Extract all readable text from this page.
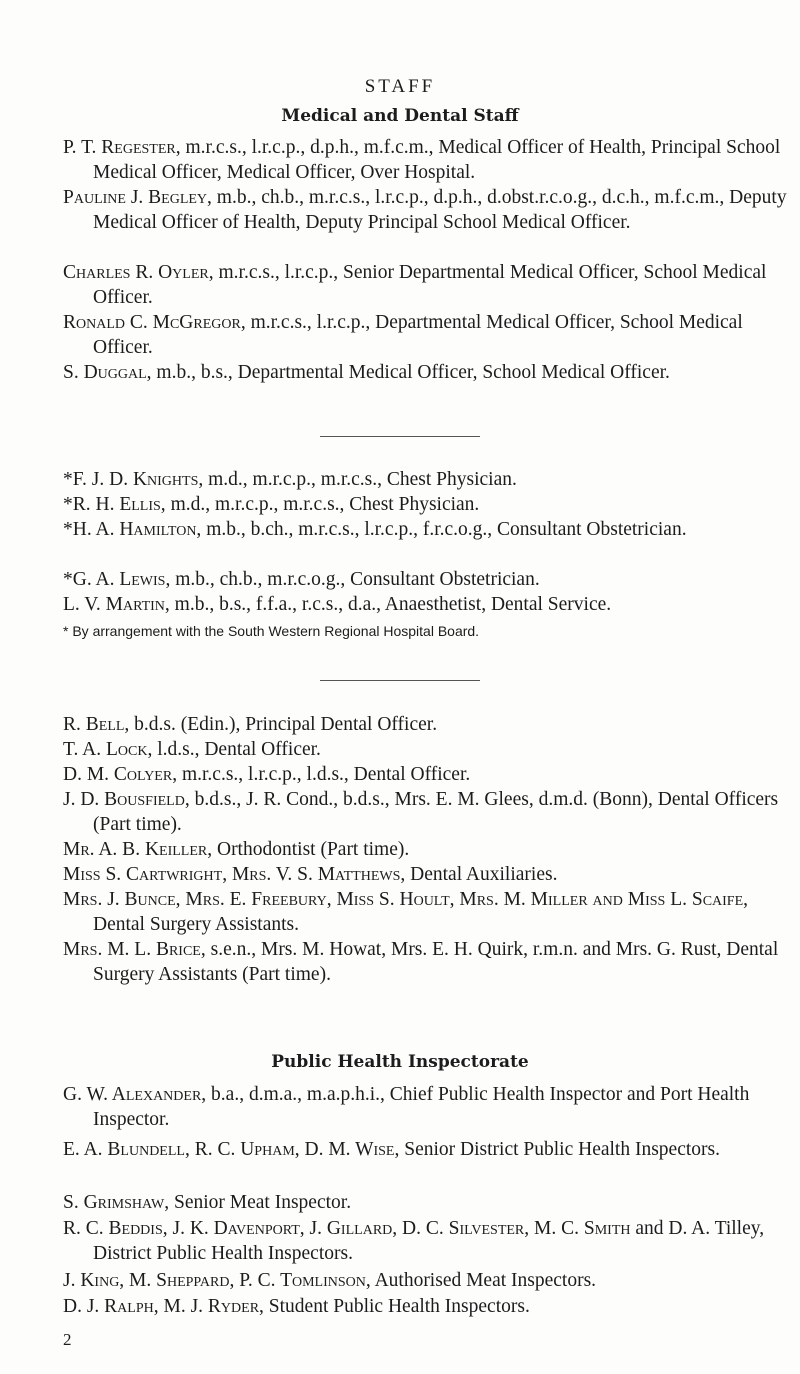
STAFF
Medical and Dental Staff
P. T. Regester, m.r.c.s., l.r.c.p., d.p.h., m.f.c.m., Medical Officer of Health, Principal School Medical Officer, Medical Officer, Over Hospital.
Pauline J. Begley, m.b., ch.b., m.r.c.s., l.r.c.p., d.p.h., d.obst.r.c.o.g., d.c.h., m.f.c.m., Deputy Medical Officer of Health, Deputy Principal School Medical Officer.
Charles R. Oyler, m.r.c.s., l.r.c.p., Senior Departmental Medical Officer, School Medical Officer.
Ronald C. McGregor, m.r.c.s., l.r.c.p., Departmental Medical Officer, School Medical Officer.
S. Duggal, m.b., b.s., Departmental Medical Officer, School Medical Officer.
*F. J. D. Knights, m.d., m.r.c.p., m.r.c.s., Chest Physician.
*R. H. Ellis, m.d., m.r.c.p., m.r.c.s., Chest Physician.
*H. A. Hamilton, m.b., b.ch., m.r.c.s., l.r.c.p., f.r.c.o.g., Consultant Obstetrician.
*G. A. Lewis, m.b., ch.b., m.r.c.o.g., Consultant Obstetrician.
L. V. Martin, m.b., b.s., f.f.a., r.c.s., d.a., Anaesthetist, Dental Service.
* By arrangement with the South Western Regional Hospital Board.
R. Bell, b.d.s. (Edin.), Principal Dental Officer.
T. A. Lock, l.d.s., Dental Officer.
D. M. Colyer, m.r.c.s., l.r.c.p., l.d.s., Dental Officer.
J. D. Bousfield, b.d.s., J. R. Cond., b.d.s., Mrs. E. M. Glees, d.m.d. (Bonn), Dental Officers (Part time).
Mr. A. B. Keiller, Orthodontist (Part time).
Miss S. Cartwright, Mrs. V. S. Matthews, Dental Auxiliaries.
Mrs. J. Bunce, Mrs. E. Freebury, Miss S. Hoult, Mrs. M. Miller and Miss L. Scaife, Dental Surgery Assistants.
Mrs. M. L. Brice, s.e.n., Mrs. M. Howat, Mrs. E. H. Quirk, r.m.n. and Mrs. G. Rust, Dental Surgery Assistants (Part time).
Public Health Inspectorate
G. W. Alexander, b.a., d.m.a., m.a.p.h.i., Chief Public Health Inspector and Port Health Inspector.
E. A. Blundell, R. C. Upham, D. M. Wise, Senior District Public Health Inspectors.
S. Grimshaw, Senior Meat Inspector.
R. C. Beddis, J. K. Davenport, J. Gillard, D. C. Silvester, M. C. Smith and D. A. Tilley, District Public Health Inspectors.
J. King, M. Sheppard, P. C. Tomlinson, Authorised Meat Inspectors.
D. J. Ralph, M. J. Ryder, Student Public Health Inspectors.
2
